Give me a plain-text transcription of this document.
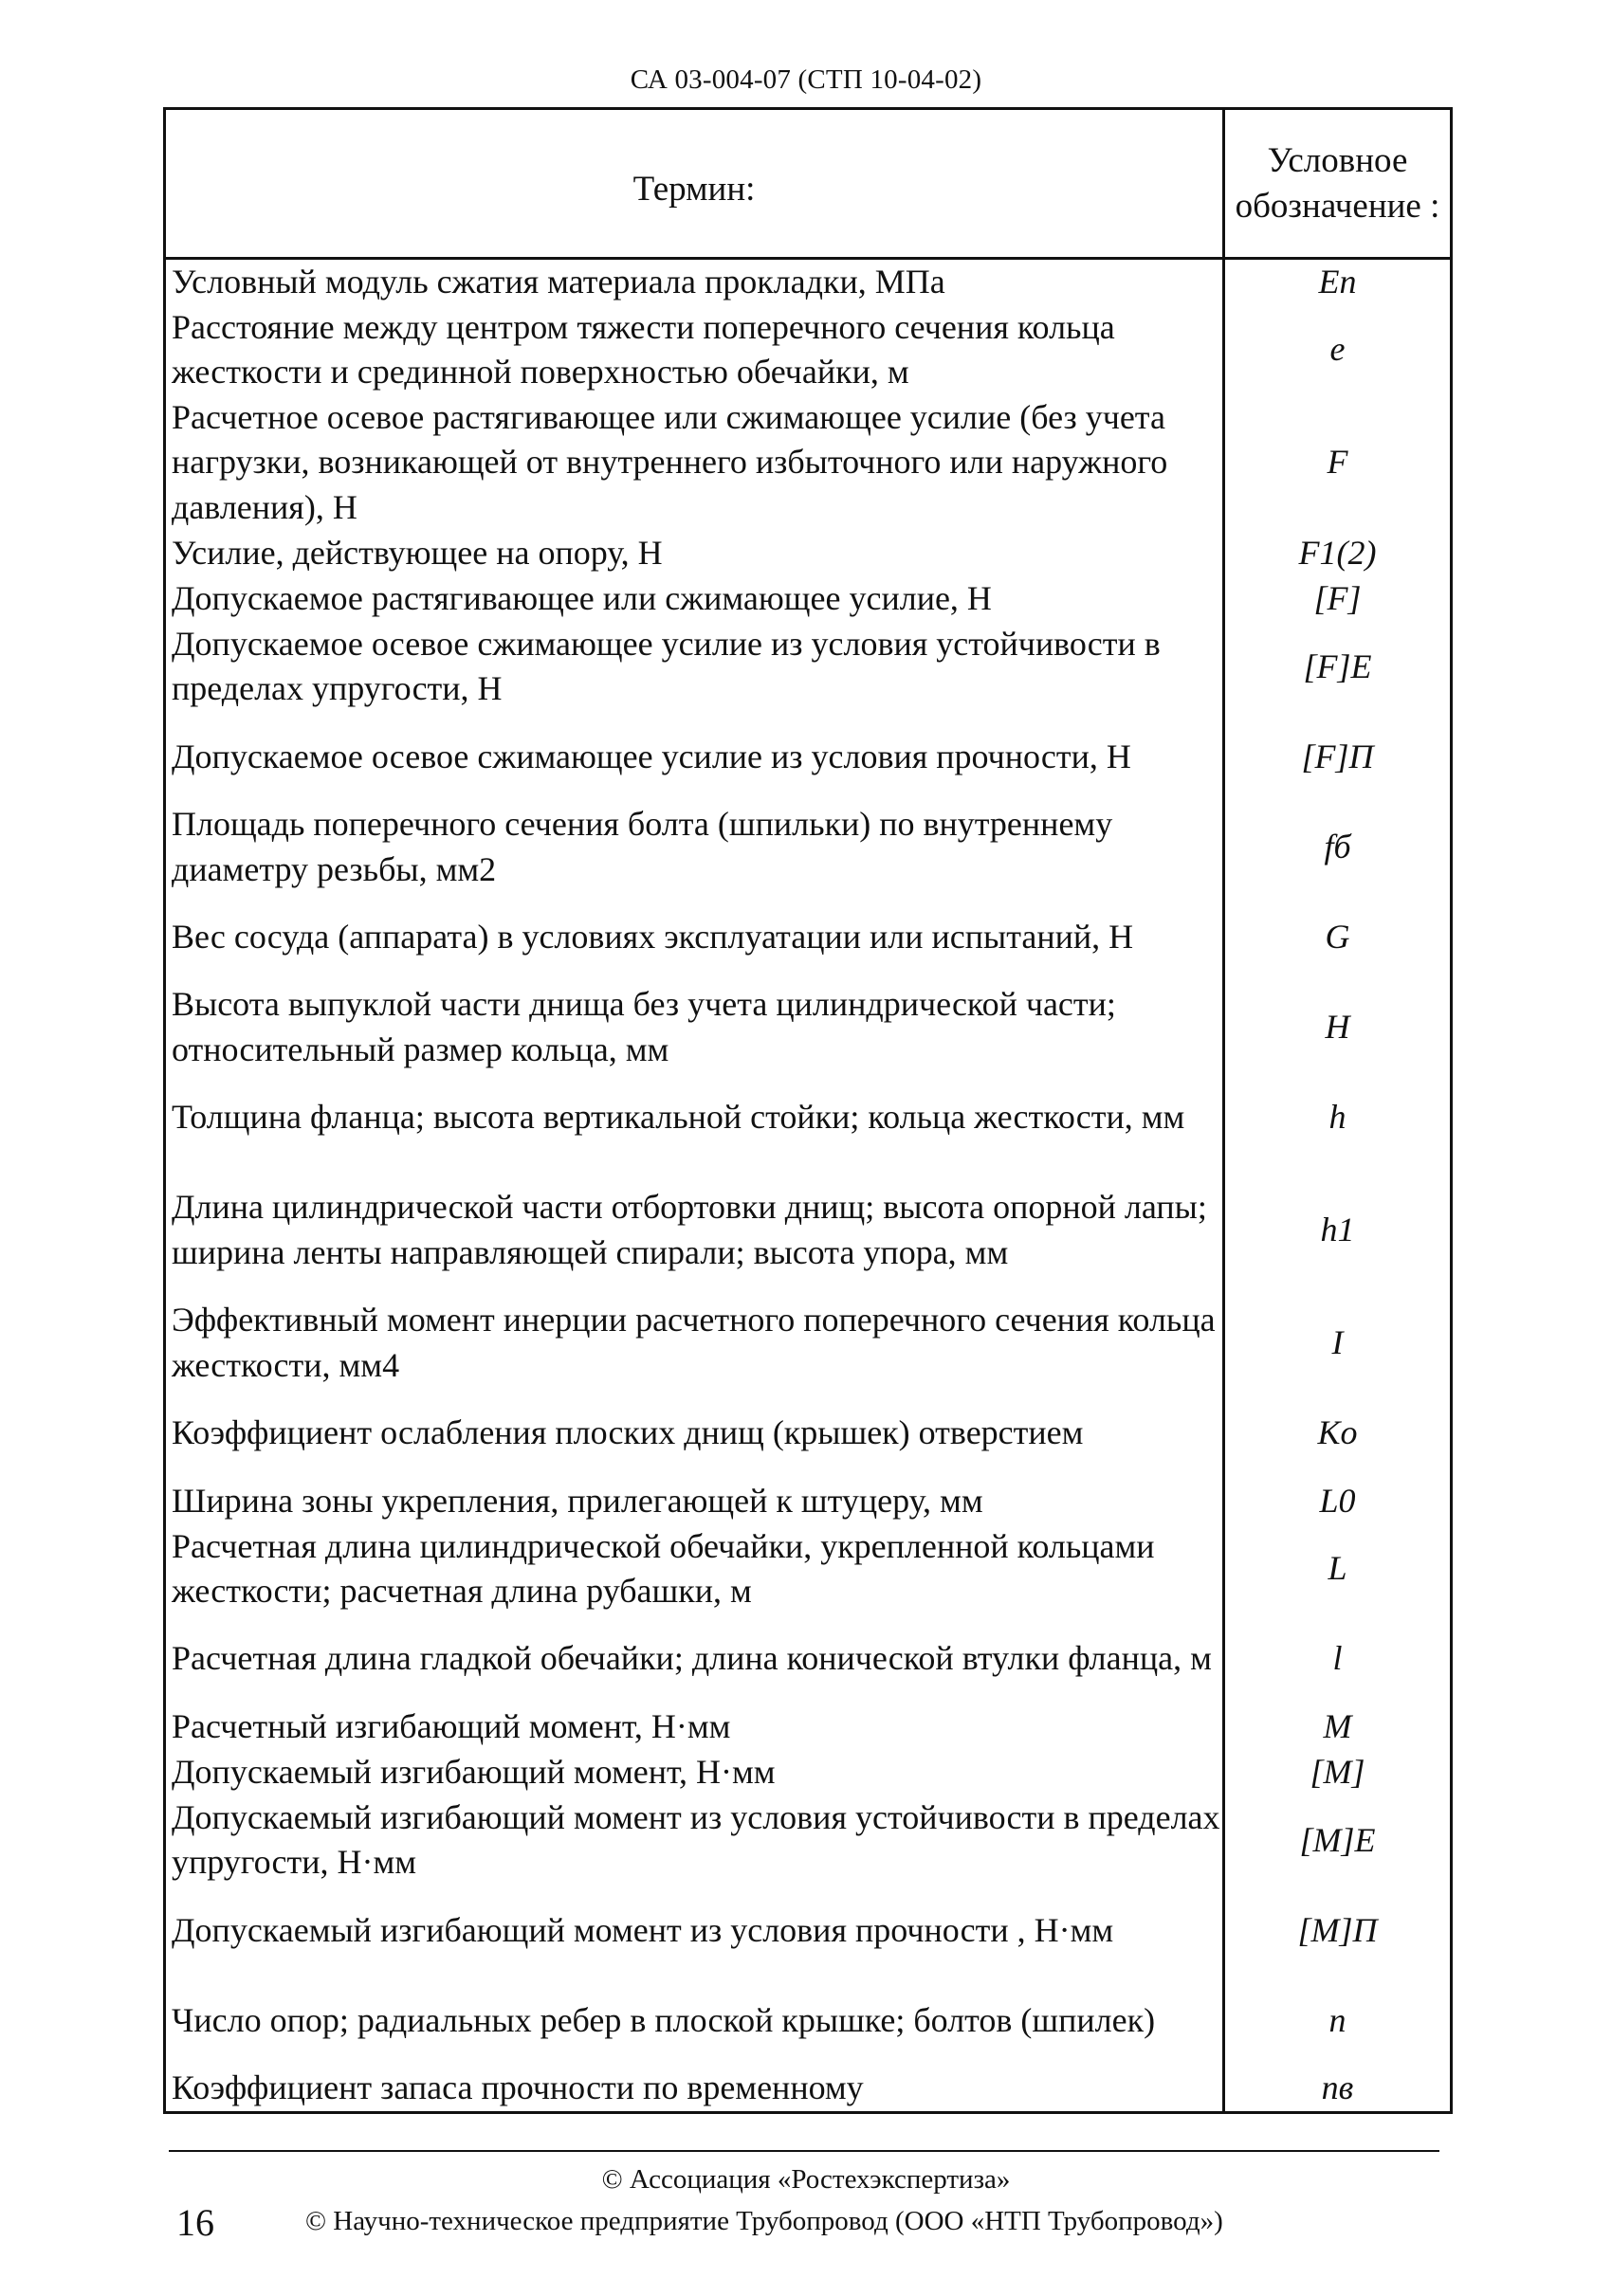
СА 03-004-07 (СТП 10-04-02)
Термин:	Условное обозначение :
Условный модуль сжатия материала прокладки, МПа	Eп
Расстояние между центром тяжести поперечного сечения кольца жесткости и срединной поверхностью обечайки, м	e
Расчетное осевое растягивающее или сжимающее усилие (без учета нагрузки, возникающей от внутреннего избыточного или наружного давления), Н	F
Усилие, действующее на опору, Н	F1(2)
Допускаемое растягивающее или сжимающее усилие, Н	[F]
Допускаемое осевое сжимающее усилие из условия устойчивости в пределах упругости, Н	[F]E
Допускаемое осевое сжимающее усилие из условия прочности, Н	[F]П
Площадь поперечного сечения болта (шпильки) по внутреннему диаметру резьбы, мм2	fб
Вес сосуда (аппарата) в условиях эксплуатации или испытаний, Н	G
Высота выпуклой части днища без учета цилиндрической части; относительный размер кольца, мм	H
Толщина фланца; высота вертикальной стойки; кольца жесткости, мм	h
Длина цилиндрической части отбортовки днищ; высота опорной лапы; ширина ленты направляющей спирали; высота упора, мм	h1
Эффективный момент инерции расчетного поперечного сечения кольца жесткости, мм4	I
Коэффициент ослабления плоских днищ (крышек) отверстием	Ko
Ширина зоны укрепления, прилегающей к штуцеру, мм	L0
Расчетная длина цилиндрической обечайки, укрепленной кольцами жесткости; расчетная длина рубашки, м	L
Расчетная длина гладкой обечайки; длина конической втулки фланца, м	l
Расчетный изгибающий момент, Н·мм	M
Допускаемый изгибающий момент, Н·мм	[M]
Допускаемый изгибающий момент из условия устойчивости в пределах упругости, Н·мм	[M]E
Допускаемый изгибающий момент из условия прочности , Н·мм	[M]П
Число опор; радиальных ребер в плоской крышке; болтов (шпилек)	n
Коэффициент запаса прочности по временному	nв
© Ассоциация «Ростехэкспертиза»
16	© Научно-техническое предприятие Трубопровод (ООО «НТП Трубопровод»)
